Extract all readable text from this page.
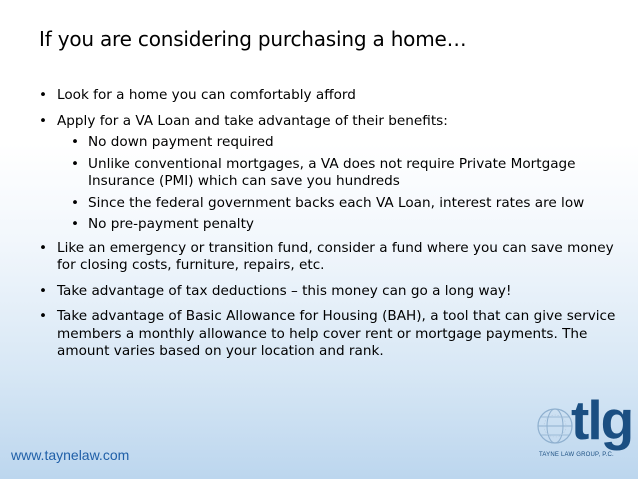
If you are considering purchasing a home…
• Look for a home you can comfortably afford
• Apply for a VA Loan and take advantage of their benefits:
• No down payment required
• Unlike conventional mortgages, a VA does not require Private Mortgage Insurance (PMI) which can save you hundreds
• Since the federal government backs each VA Loan, interest rates are low
• No pre-payment penalty
• Like an emergency or transition fund, consider a fund where you can save money for closing costs, furniture, repairs, etc.
• Take advantage of tax deductions – this money can go a long way!
• Take advantage of Basic Allowance for Housing (BAH), a tool that can give service members a monthly allowance to help cover rent or mortgage payments. The amount varies based on your location and rank.
www.taynelaw.com
tlg
TAYNE LAW GROUP, P.C.
